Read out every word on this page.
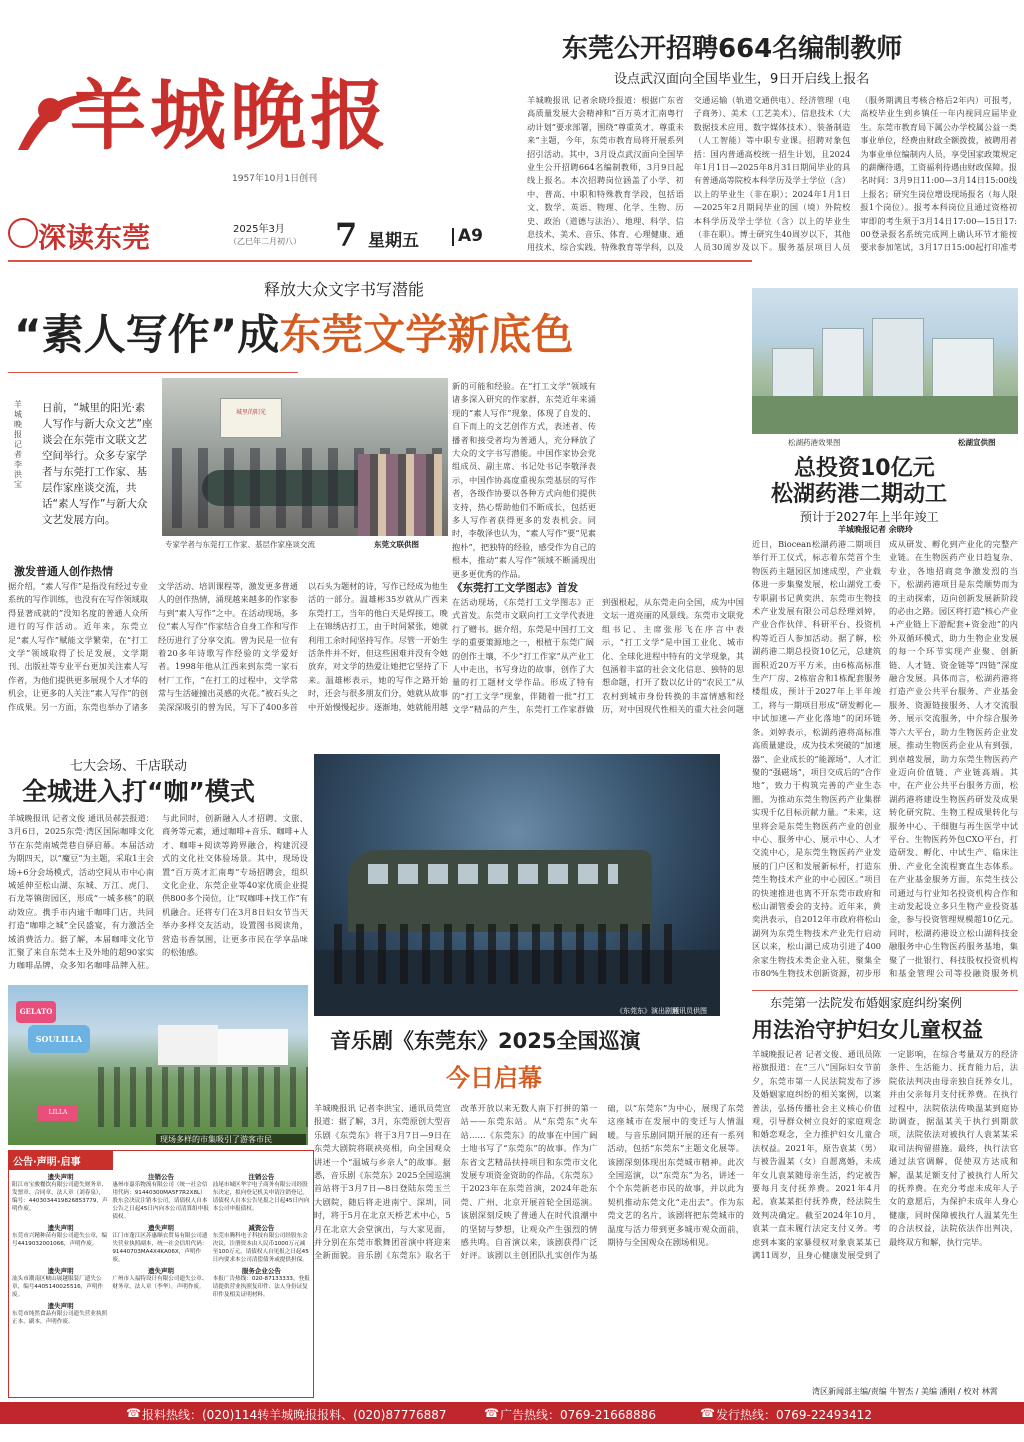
羊城晚报
1957年10月1日创刊
深读东莞	2025年3月
（乙巳年二月初八） 7 星期五 A9
东莞公开招聘664名编制教师
设点武汉面向全国毕业生，9日开启线上报名
羊城晚报讯 记者余晓玲报道：根据广东省高质量发展大会精神和“百万英才汇南粤行动计划”要求部署，围绕“尊重英才、尊重未来”主题，今年，东莞市教育局将开展系列招引活动。其中，3月设点武汉面向全国毕业生公开招聘664名编制教师，3月9日起线上报名。本次招聘岗位涵盖了小学、初中、普高、中职和特殊教育学段，包括语文、数学、英语、物理、化学、生物、历史、政治（道德与法治）、地理、科学、信息技术、美术、音乐、体育、心理健康、通用技术、综合实践、特殊教育等学科，以及交通运输（轨道交通供电）、经济管理（电子商务）、美术（工艺美术）、信息技术（大数据技术应用、数字媒体技术）、装备制造（人工智能）等中职专业课。招聘对象包括：国内普通高校统一招生计划，且2024年1月1日—2025年8月31日期间毕业的具有普通高等院校本科学历及学士学位（含）以上的毕业生（非在职）；2024年1月1日—2025年2月期间毕业的国（境）外院校本科学历及学士学位（含）以上的毕业生（非在职）。博士研究生40周岁以下，其他人员30周岁及以下。服务基层项目人员（服务期满且考核合格后2年内）可报考，高校毕业生到乡镇任一年内视同应届毕业生。东莞市教育局下属公办学校属公益一类事业单位，经费由财政全额拨拨，被聘用者为事业单位编制内人员，享受国家政策规定的薪酬待遇，工资福利待遇由财政保障。报名时间：3月9日11:00—3月14日15:00线上报名；研究生岗位增设现场报名（每人限报1个岗位）。报考本科岗位且通过资格初审即的考生须于3月14日17:00—15日17:00登录报名系统完成网上确认环节才能按要求参加笔试，3月17日15:00起打印准考
释放大众文字书写潜能
“素人写作”成东莞文学新底色
羊城晚报记者 李洪宝
日前，“城里的阳光·素人写作与新大众文艺”座谈会在东莞市文联文艺空间举行。众多专家学者与东莞打工作家、基层作家座谈交流，共话“素人写作”与新大众文艺发展方向。
城里的阳光
专家学者与东莞打工作家、基层作家座谈交流	东莞文联供图
激发普通人创作热情
据介绍，“素人写作”是指没有经过专业系统的写作训练，也没有在写作领域取得显著成就的“没知名度的普通人众所进行的写作活动。近年来，东莞立足“素人写作”赋能文学繁荣，在“打工文学”领域取得了长足发展，文学期刊、出版社等专业平台更加关注素人写作者，为他们提供更多展现个人才华的机会，让更多的人关注“素人写作”的创作成果。另一方面，东莞也举办了诸多文学活动、培训课程等，激发更多普通人的创作热情，涌现越来越多的作家参与到“素人写作”之中。在活动现场，多位“素人写作”作家结合自身工作和写作经历进行了分享交流。曾为民是一位有着20多年诗歌写作经验的文学爱好者。1998年他从江西来到东莞一家石材厂工作，“在打工的过程中，文学常常与生活碰撞出灵感的火花。”被石头之美深深吸引的曾为民，写下了400多首以石头为题材的诗，写作已经成为他生活的一部分。温雄彬35岁就从广西来东莞打工，当年的他白天是焊接工，晚上在锦绣店打工，由于时间紧张，她就利用工余时间坚持写作。尽管一开始生活条件并不好，但这些困难并没有令她放弃，对文学的热爱让她把它坚持了下来。温雄彬表示，她的写作之路开始时，还会与很多朋友们分，她就从故事中开始慢慢起步。逐渐地，她就能用越
新的可能和经验。在“打工文学”领域有诸多深入研究的作家群，东莞近年来涌现的“素人写作”现象，体现了自发的、自下而上的文艺创作方式，表述者、传播者和接受者均为普通人，充分释放了大众的文字书写潜能。中国作家协会党组成员、副主席、书记处书记李敬泽表示，中国作协高度重视东莞基层的写作者，各级作协要以各种方式向他们提供支持，热心帮助他们不断成长，包括更多人写作者获得更多的发表机会。同时，李敬泽也认为，“素人写作”要“见素抱朴”，把独特的经验，感受作为自己的根本，推动“素人写作”领域不断涌现出更多更优秀的作品。
《东莞打工文学图志》首发
在活动现场，《东莞打工文学图志》正式首发。东莞市文联向打工文学代表进行了赠书。据介绍，东莞是中国打工文学的重要策源地之一，根植于东莞广阔的创作土壤，不少“打工作家”从产业工人中走出，书写身边的故事，创作了大量的打工题材文学作品。形成了特有的“打工文学”现象，伴随着一批“打工文学”精品的产生，东莞打工作家群做到强根起，从东莞走向全国，成为中国文坛一道亮丽的风景线。东莞市文联党组书记、主席张彤飞在序言中表示，“打工文学”是中国工业化、城市化、全球化进程中特有的文学现象，其包涵着丰富的社会文化信息、独特的思想命题，打开了数以亿计的“农民工”从农村到城市身份转换的丰富情感和经历，对中国现代性相关的重大社会问题
松湖药港效果图	松湖宣供图
总投资10亿元
松湖药港二期动工
预计于2027年上半年竣工
羊城晚报记者 余晓玲
近日，Biocean松湖药港二期项目举行开工仪式，标志着东莞首个生物医药主题园区加速成型，产业载体进一步集聚发展，松山湖党工委专职副书记黄奕洪、东莞市生物技术产业发展有限公司总经理刘婷，产业合作伙伴、科研平台、投资机构等近百人参加活动。据了解，松湖药港二期总投资10亿元，总建筑面积近20万平方米，由6栋高标准生产厂房、2栋宿舍和1栋配套服务楼组成，预计于2027年上半年竣工，将与一期项目形成“研发孵化—中试加速—产业化落地”的闭环链条。刘婷表示，松湖药港将高标准高质量建设，成为技术突破的“加速器”、企业成长的“能源场”、人才汇聚的“强磁场”，项目交成后的“合作地”，致力于构筑完善的产业生态圈，为推动东莞生物医药产业集群实现千亿目标贡献力量。“未来，这里将会是东莞生物医药产业的创业中心、服务中心、展示中心、人才交流中心，是东莞生物医药产业发展的门户区和发展新标杆，打造东莞生物技术产业的中心园区。”项目的快速推进也离不开东莞市政府和松山湖管委会的支持。近年来，黄奕洪表示，自2012年市政府将松山湖列为东莞生物技术产业先行启动区以来，松山湖已成功引进了400余家生物技术类企业入驻，聚集全市80%生物技术创新资源，初步形成从研发、孵化到产业化的完整产业链。在生物医药产业日趋复杂、专业，各地招商竞争激发烈的当下，松湖药港项目是东莞顺势而为的主动探索，迈向创新发展新阶段的必由之路。园区将打造“核心产业+产业链上下游配套+资金池”的内外双循环模式，助力生物企业发展的每一个环节实现产业聚、创新链、人才链、资金链等“四链”深度融合发展。具体而言，松湖药港将打造产业公共平台服务、产业基金服务、资源链接服务、人才交流服务、展示交流服务，中介综合服务等六大平台，助力生物医药企业发展，推动生物医药企业从有到强，到卓越发展，助力东莞生物医药产业迈向价值链、产业链高端。其中，在产业公共平台服务方面，松湖药港将建设生物医药研发及成果转化研究院、生物工程成果转化与服务中心、干细胞与再生医学中试平台、生物医药外包CXO平台，打造研发、孵化、中试生产、临床注册、产业化全流程赛直生态体系。在产业基金服务方面，东莞生技公司通过与行业知名投资机构合作和主动发起设立多只生物产业投资基金，参与投资管理规模超10亿元。同时，松湖药港设立松山湖科技金融服务中心生物医药服务基地，集聚了一批银行、科技股权投资机构和基金管理公司等投融资服务机
七大会场、千店联动
全城进入打“咖”模式
羊城晚报讯 记者文俊 通讯员郝芸报道：3月6日，2025东莞·湾区国际咖啡文化节在东莞南城莞巷自驿启幕。本届活动为期四天，以“魔豆”为主题，采取1主会场+6分会场模式，活动空间从市中心南城延伸至松山湖、东城、万江、虎门、石龙等镇街园区，形成“一城多核”的联动效应。携手市内逾千咖啡门店，共同打造“咖啡之城”全民盛宴，有力激活全域消费活力。据了解，本届咖啡文化节汇聚了来自东莞本土及外地的超90家实力咖啡品牌，众多知名咖啡品牌入驻。与此同时，创新融入人才招聘、文旅、商务等元素，通过咖啡+音乐、咖啡+人才、咖啡+阅读等跨界融合，构建沉浸式的文化社交体验场景。其中，现场设置“百万英才汇南粤”专场招聘会，组织文化企业、东莞企业等40家优质企业提供800多个岗位，让“叹咖啡+找工作”有机融合。还将专门在3月8日妇女节当天举办多样交友活动，设置图书阅读角，营造书香氛围，让更多市民在学享品味的松弛感。
GELATO
SOULILLA
LILLA
现场多样的市集吸引了游客市民
《东莞东》演出剧照
通讯员供图
音乐剧《东莞东》2025全国巡演
今日启幕
羊城晚报讯 记者李洪宝、通讯员莞宣报道：据了解，3月，东莞原创大型音乐剧《东莞东》将于3月7日—9日在东莞大剧院将联袂亮相，向全国观众讲述一个“温城与乡亲人”的故事。据悉，音乐剧《东莞东》2025全国巡演首站将于3月7日—8日登陆东莞玉兰大剧院，随后将走进南宁、深圳，同时，将于5月在北京天桥艺术中心，5月在北京大会堂演出，与大家见面，并分别在东莞市歌舞团首演中将迎来全新面貌。音乐剧《东莞东》取名于改革开放以来无数人南下打拼的第一站——东莞东站。从“东莞东”火车站……《东莞东》的故事在中国广阔土地书写了“东莞东”的故事。作为广东省文艺精品扶持项目和东莞市文化发展专项资金资助的作品，《东莞东》于2023年在东莞首演，2024年赴东莞、广州、北京开展首轮全国巡演。该剧深刻反映了普通人在时代浪潮中的坚韧与梦想，让观众产生强烈的情感共鸣。自首演以来，该剧获得广泛好评。该剧以主创团队扎实创作为基础，以“东莞东”为中心，展现了东莞这座城市在发展中的变迁与人情温暖。与音乐剧同期开展的还有一系列活动，包括“东莞东”主题文化展等。该剧深刻体现出东莞城市精神。此次全国巡演，以“东莞东”为名，讲述一个个东莞新老市民的故事，并以此为契机推动东莞文化“走出去”。作为东莞文艺的名片，该剧将把东莞城市的温度与活力带到更多城市观众面前，期待与全国观众在剧场相见。
东莞第一法院发布婚姻家庭纠纷案例
用法治守护妇女儿童权益
羊城晚报记者 记者文俊、通讯员陈裕旗报道：在“三八”国际妇女节前夕，东莞市第一人民法院发布了涉及婚姻家庭纠纷的相关案例，以案普法，弘扬传播社会主义核心价值观，引导群众树立良好的家庭观念和婚恋观念，全力推护妇女儿童合法权益。2021年，原告袁某（男）与被告温某（女）自愿离婚，未成年女儿袁某随母亲生活，约定被告要每月支付抚养费。2021年4月起，袁某某拒付抚养费，经法院生效判决确定。截至2024年10月，袁某一直未履行法定支付义务。考虑到本案的家暴侵权对象袁某某已满11周岁，且身心健康发展受到了一定影响，在综合考量双方的经济条件、生活能力、抚育能力后，法院依法判决由母亲独自抚养女儿，并由父亲每月支付抚养费。在执行过程中，法院依法传唤温某到庭协助调查，据温某关于执行到期款项，法院依法对被执行人袁某某采取司法拘留措施。最终，执行法官通过法官调解，促使双方达成和解，温某足额支付了被执行人所欠的抚养费。在充分考虑未成年人子女的意愿后，为保护未成年人身心健康，同时保障被执行人温某先生的合法权益，法院依法作出判决，最终双方和解，执行完毕。
湾区新闻部主编/责编 牛智杰 / 美编 潘刚 / 校对 林霄
公告·声明·启事
遗失声明
阳江市宝骏餐饮有限公司遗失财务章、发票章、合同章，法人章（刘春泉），编号：4403034419826853779，声明作废。
注销公告
惠州市嘉乐物流有限公司（统一社会信用代码：91440300MA5F7R2X8L）股东会决议注销本公司，请债权人自本公告之日起45日内向本公司清算组申报债权。
注销公告
汕尾市城区华宇电子商务有限公司经股东决定，拟向登记机关申请注销登记，请债权人自本公告见报之日起45日内向本公司申报债权。
遗失声明
东莞市兴精种苗有限公司遗失公章，编号4419032001066，声明作废。
遗失声明
江门市蓬江区苏惠顺衣贸易有限公司遗失营业执照副本，统一社会信用代码：91440703MA4X4KA06X，声明作废。
减资公告
东莞市腾科电子科技有限公司经股东会决议，注册资本由人民币1000万元减至100万元，请债权人自见报之日起45日内要求本公司清偿债务或提供担保。
遗失声明
汕头市潮南区峡山展越服装厂遗失公章，编号4405140025516，声明作废。
遗失声明
广州市人福特设计有限公司遗失公章、财务章，法人章（李华），声明作废。
服务企业公告
本报广告热线：020-87133333，登报请提供营业执照复印件、法人身份证复印件及相关证明材料。
遗失声明
东莞市纯然食品有限公司遗失营业执照正本、副本，声明作废。
☎ 报料热线：(020)114转羊城晚报报料、(020)87776887	☎ 广告热线：0769-21668886	☎ 发行热线：0769-22493412
